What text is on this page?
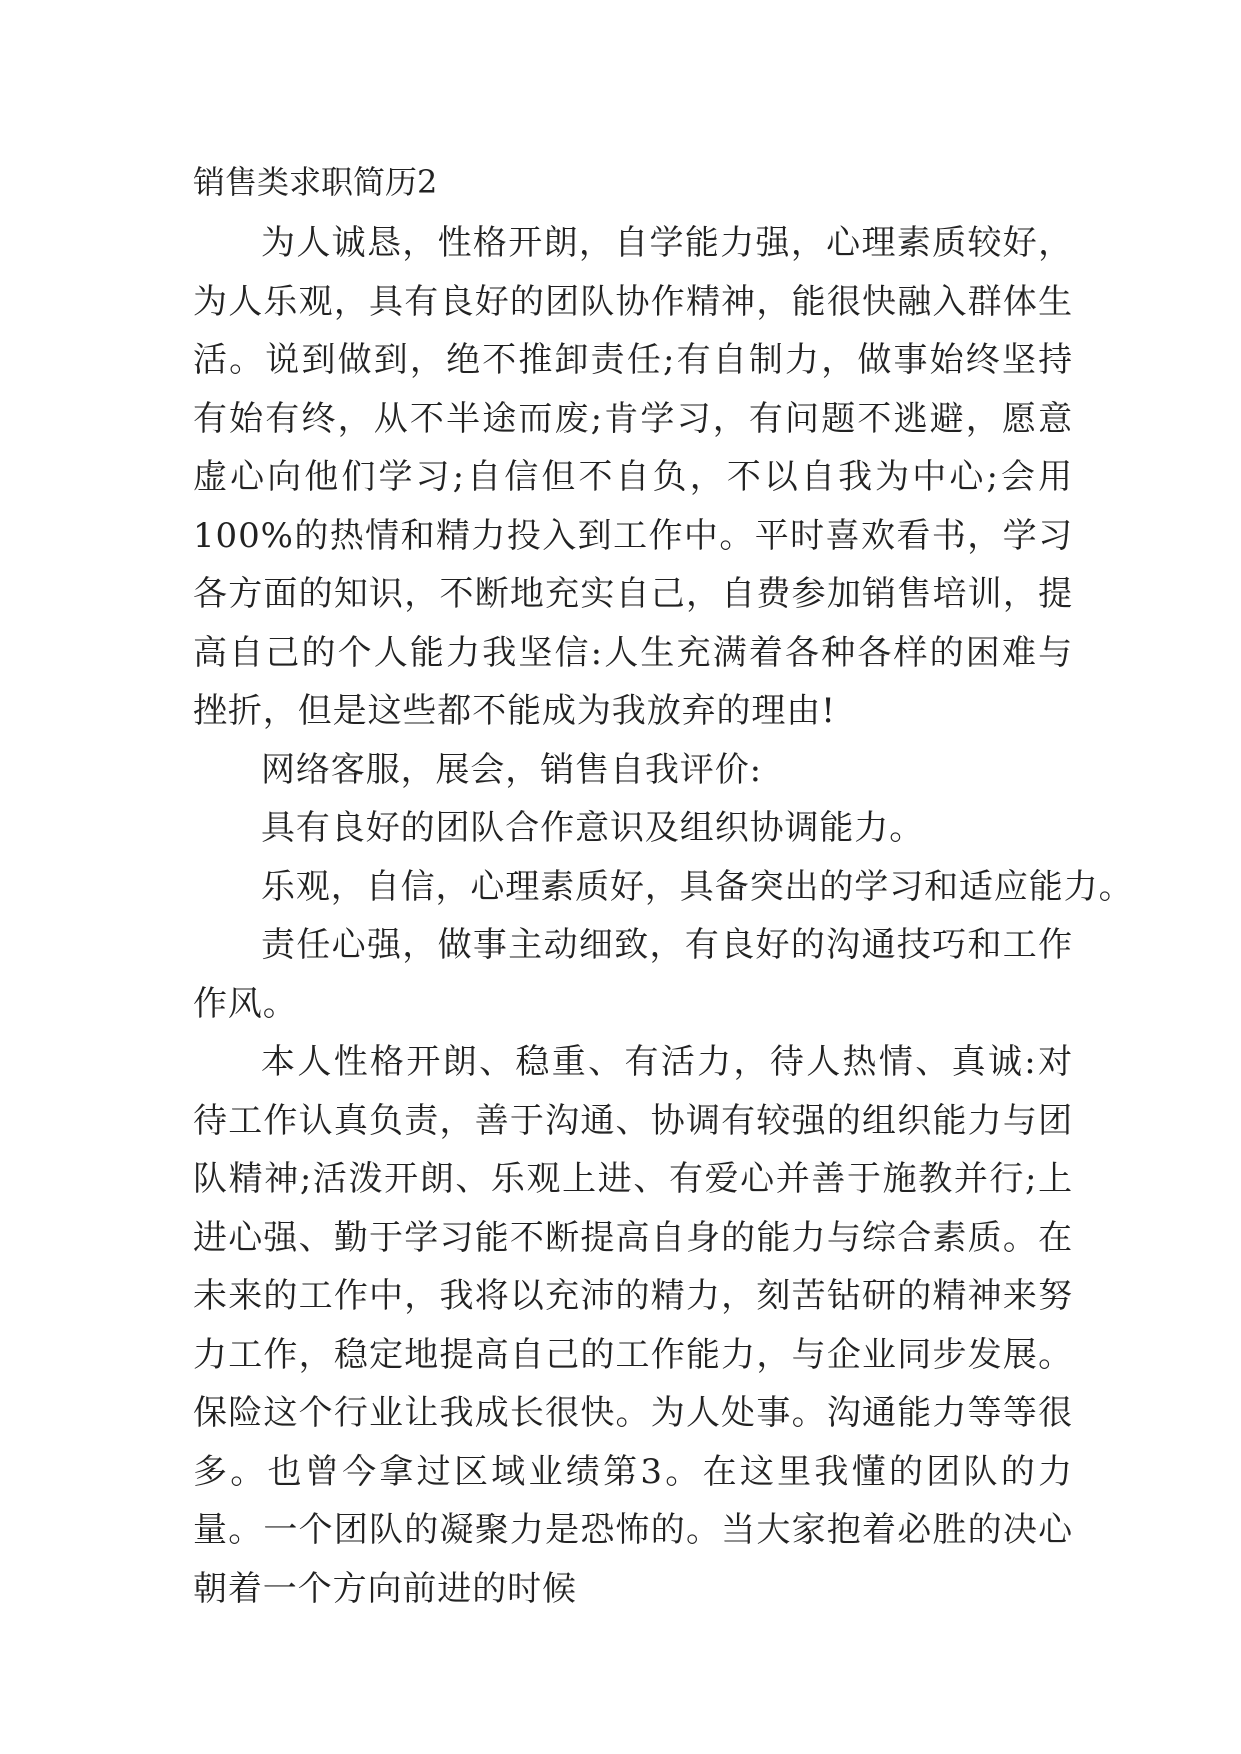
销售类求职简历2

为人诚恳，性格开朗，自学能力强，心理素质较好，为人乐观，具有良好的团队协作精神，能很快融入群体生活。说到做到，绝不推卸责任;有自制力，做事始终坚持有始有终，从不半途而废;肯学习，有问题不逃避，愿意虚心向他们学习;自信但不自负，不以自我为中心;会用100%的热情和精力投入到工作中。平时喜欢看书，学习各方面的知识，不断地充实自己，自费参加销售培训，提高自己的个人能力我坚信:人生充满着各种各样的困难与挫折，但是这些都不能成为我放弃的理由!

网络客服，展会，销售自我评价:

具有良好的团队合作意识及组织协调能力。

乐观，自信，心理素质好，具备突出的学习和适应能力。

责任心强，做事主动细致，有良好的沟通技巧和工作作风。

本人性格开朗、稳重、有活力，待人热情、真诚:对待工作认真负责，善于沟通、协调有较强的组织能力与团队精神;活泼开朗、乐观上进、有爱心并善于施教并行;上进心强、勤于学习能不断提高自身的能力与综合素质。在未来的工作中，我将以充沛的精力，刻苦钻研的精神来努力工作，稳定地提高自己的工作能力，与企业同步发展。保险这个行业让我成长很快。为人处事。沟通能力等等很多。也曾今拿过区域业绩第3。在这里我懂的团队的力量。一个团队的凝聚力是恐怖的。当大家抱着必胜的决心朝着一个方向前进的时候
